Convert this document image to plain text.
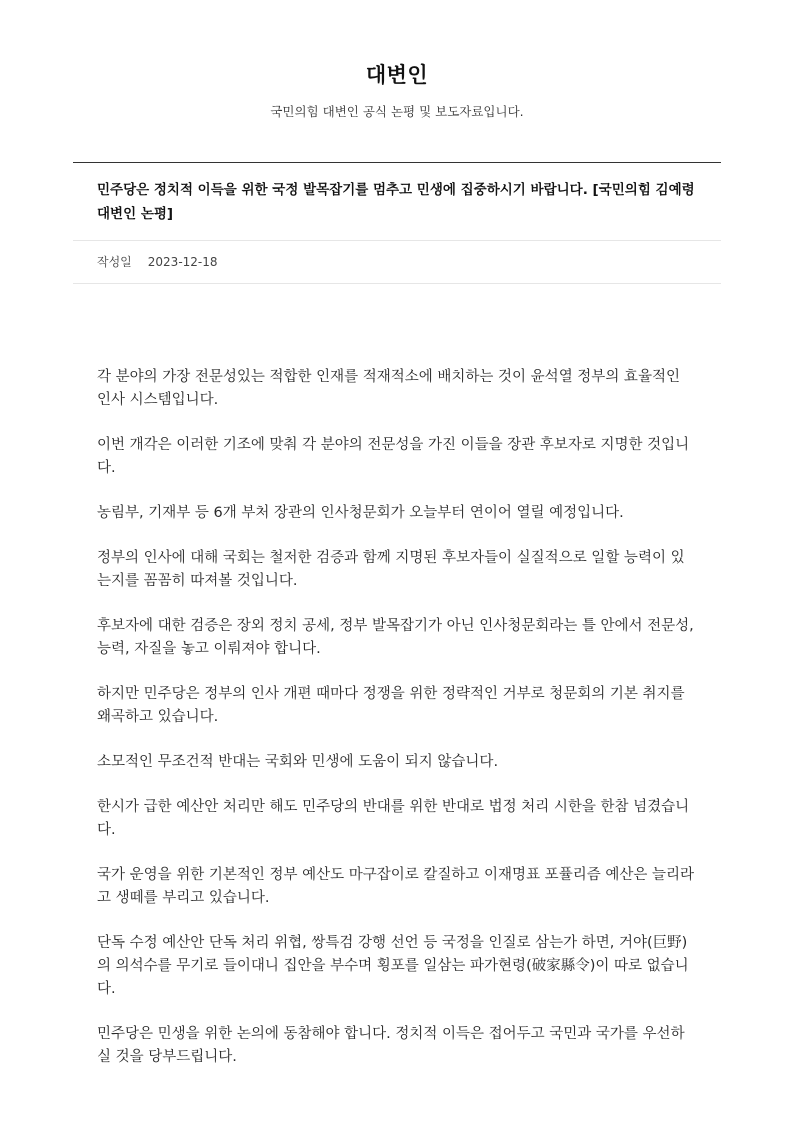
대변인
국민의힘 대변인 공식 논평 및 보도자료입니다.
민주당은 정치적 이득을 위한 국정 발목잡기를 멈추고 민생에 집중하시기 바랍니다. [국민의힘 김예령 대변인 논평]
작성일 2023-12-18

각 분야의 가장 전문성있는 적합한 인재를 적재적소에 배치하는 것이 윤석열 정부의 효율적인 인사 시스템입니다.

이번 개각은 이러한 기조에 맞춰 각 분야의 전문성을 가진 이들을 장관 후보자로 지명한 것입니다.

농림부, 기재부 등 6개 부처 장관의 인사청문회가 오늘부터 연이어 열릴 예정입니다.

정부의 인사에 대해 국회는 철저한 검증과 함께 지명된 후보자들이 실질적으로 일할 능력이 있는지를 꼼꼼히 따져볼 것입니다.

후보자에 대한 검증은 장외 정치 공세, 정부 발목잡기가 아닌 인사청문회라는 틀 안에서 전문성, 능력, 자질을 놓고 이뤄져야 합니다.

하지만 민주당은 정부의 인사 개편 때마다 정쟁을 위한 정략적인 거부로 청문회의 기본 취지를 왜곡하고 있습니다.

소모적인 무조건적 반대는 국회와 민생에 도움이 되지 않습니다.

한시가 급한 예산안 처리만 해도 민주당의 반대를 위한 반대로 법정 처리 시한을 한참 넘겼습니다.

국가 운영을 위한 기본적인 정부 예산도 마구잡이로 칼질하고 이재명표 포퓰리즘 예산은 늘리라고 생떼를 부리고 있습니다.

단독 수정 예산안 단독 처리 위협, 쌍특검 강행 선언 등 국정을 인질로 삼는가 하면, 거야(巨野)의 의석수를 무기로 들이대니 집안을 부수며 횡포를 일삼는 파가현령(破家縣令)이 따로 없습니다.

민주당은 민생을 위한 논의에 동참해야 합니다. 정치적 이득은 접어두고 국민과 국가를 우선하실 것을 당부드립니다.
